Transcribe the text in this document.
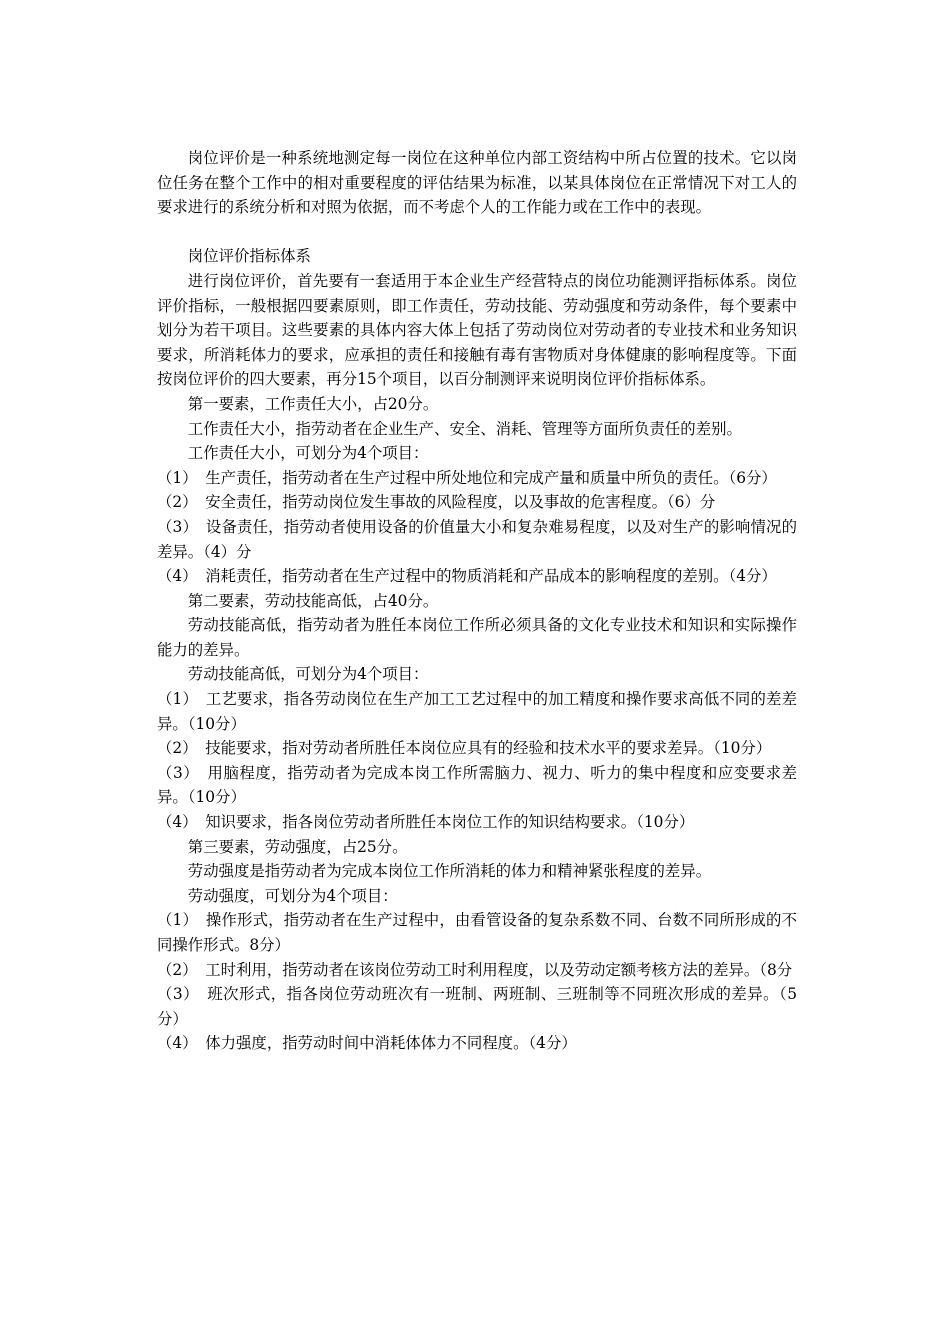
岗位评价是一种系统地测定每一岗位在这种单位内部工资结构中所占位置的技术。它以岗位任务在整个工作中的相对重要程度的评估结果为标准，以某具体岗位在正常情况下对工人的要求进行的系统分析和对照为依据，而不考虑个人的工作能力或在工作中的表现。

岗位评价指标体系

进行岗位评价，首先要有一套适用于本企业生产经营特点的岗位功能测评指标体系。岗位评价指标，一般根据四要素原则，即工作责任，劳动技能、劳动强度和劳动条件，每个要素中划分为若干项目。这些要素的具体内容大体上包括了劳动岗位对劳动者的专业技术和业务知识要求，所消耗体力的要求，应承担的责任和接触有毒有害物质对身体健康的影响程度等。下面按岗位评价的四大要素，再分15个项目，以百分制测评来说明岗位评价指标体系。

第一要素，工作责任大小，占20分。

工作责任大小，指劳动者在企业生产、安全、消耗、管理等方面所负责任的差别。

工作责任大小，可划分为4个项目：

（1）　生产责任，指劳动者在生产过程中所处地位和完成产量和质量中所负的责任。（6分）

（2）　安全责任，指劳动岗位发生事故的风险程度，以及事故的危害程度。（6）分

（3）　设备责任，指劳动者使用设备的价值量大小和复杂难易程度，以及对生产的影响情况的差异。（4）分

（4）　消耗责任，指劳动者在生产过程中的物质消耗和产品成本的影响程度的差别。（4分）

第二要素，劳动技能高低，占40分。

劳动技能高低，指劳动者为胜任本岗位工作所必须具备的文化专业技术和知识和实际操作能力的差异。

劳动技能高低，可划分为4个项目：

（1）　工艺要求，指各劳动岗位在生产加工工艺过程中的加工精度和操作要求高低不同的差差异。（10分）

（2）　技能要求，指对劳动者所胜任本岗位应具有的经验和技术水平的要求差异。（10分）

（3）　用脑程度，指劳动者为完成本岗工作所需脑力、视力、听力的集中程度和应变要求差异。（10分）

（4）　知识要求，指各岗位劳动者所胜任本岗位工作的知识结构要求。（10分）

第三要素，劳动强度，占25分。

劳动强度是指劳动者为完成本岗位工作所消耗的体力和精神紧张程度的差异。

劳动强度，可划分为4个项目：

（1）　操作形式，指劳动者在生产过程中，由看管设备的复杂系数不同、台数不同所形成的不同操作形式。8分）

（2）　工时利用，指劳动者在该岗位劳动工时利用程度，以及劳动定额考核方法的差异。（8分

（3）　班次形式，指各岗位劳动班次有一班制、两班制、三班制等不同班次形成的差异。（5分）

（4）　体力强度，指劳动时间中消耗体体力不同程度。（4分）
